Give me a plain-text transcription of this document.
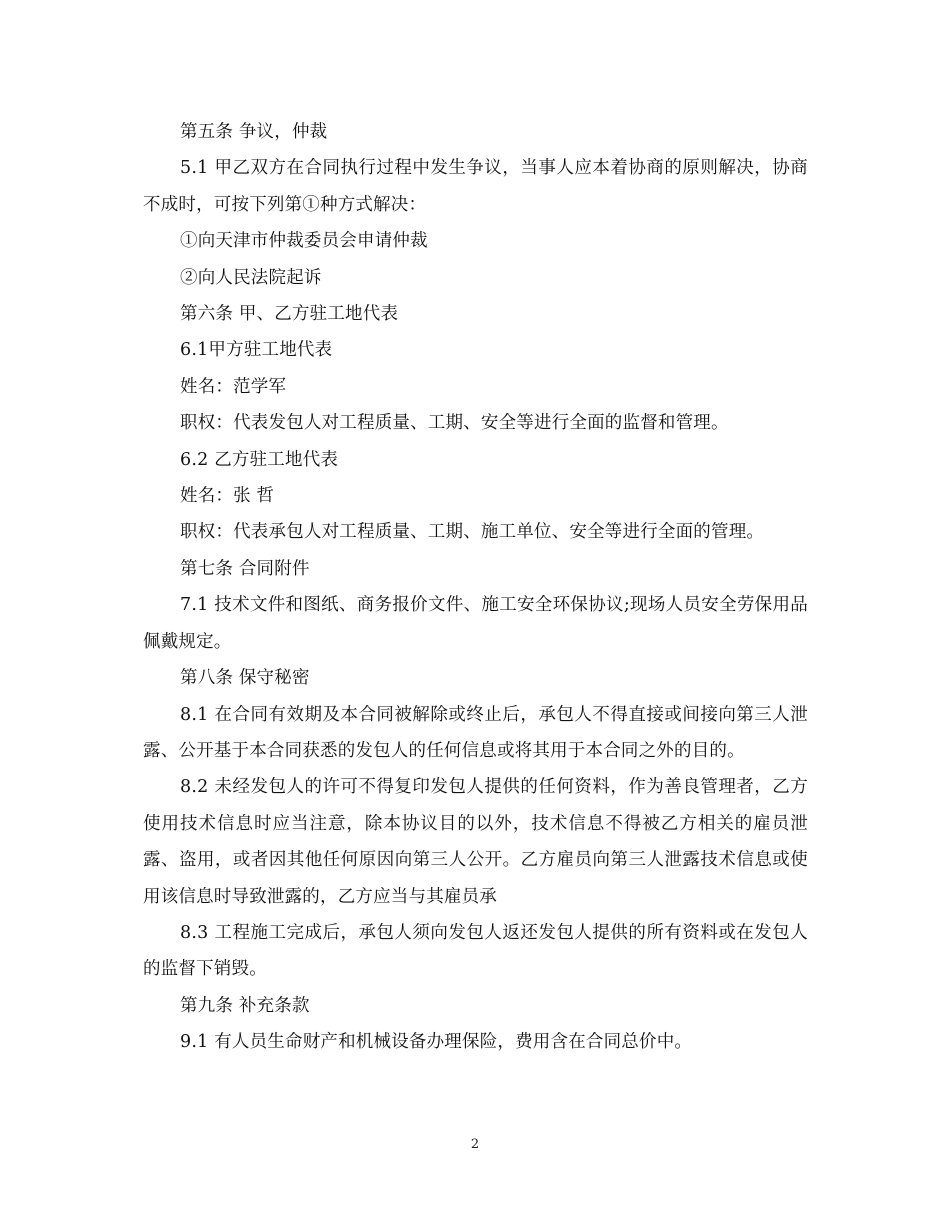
第五条 争议，仲裁

5.1 甲乙双方在合同执行过程中发生争议，当事人应本着协商的原则解决，协商不成时，可按下列第①种方式解决：

①向天津市仲裁委员会申请仲裁

②向人民法院起诉

第六条 甲、乙方驻工地代表

6.1甲方驻工地代表

姓名：范学军

职权：代表发包人对工程质量、工期、安全等进行全面的监督和管理。

6.2 乙方驻工地代表

姓名：张 哲

职权：代表承包人对工程质量、工期、施工单位、安全等进行全面的管理。

第七条 合同附件

7.1 技术文件和图纸、商务报价文件、施工安全环保协议;现场人员安全劳保用品佩戴规定。

第八条 保守秘密

8.1 在合同有效期及本合同被解除或终止后，承包人不得直接或间接向第三人泄露、公开基于本合同获悉的发包人的任何信息或将其用于本合同之外的目的。

8.2 未经发包人的许可不得复印发包人提供的任何资料，作为善良管理者，乙方使用技术信息时应当注意，除本协议目的以外，技术信息不得被乙方相关的雇员泄露、盗用，或者因其他任何原因向第三人公开。乙方雇员向第三人泄露技术信息或使用该信息时导致泄露的，乙方应当与其雇员承

8.3 工程施工完成后，承包人须向发包人返还发包人提供的所有资料或在发包人的监督下销毁。

第九条 补充条款

9.1 有人员生命财产和机械设备办理保险，费用含在合同总价中。

2
